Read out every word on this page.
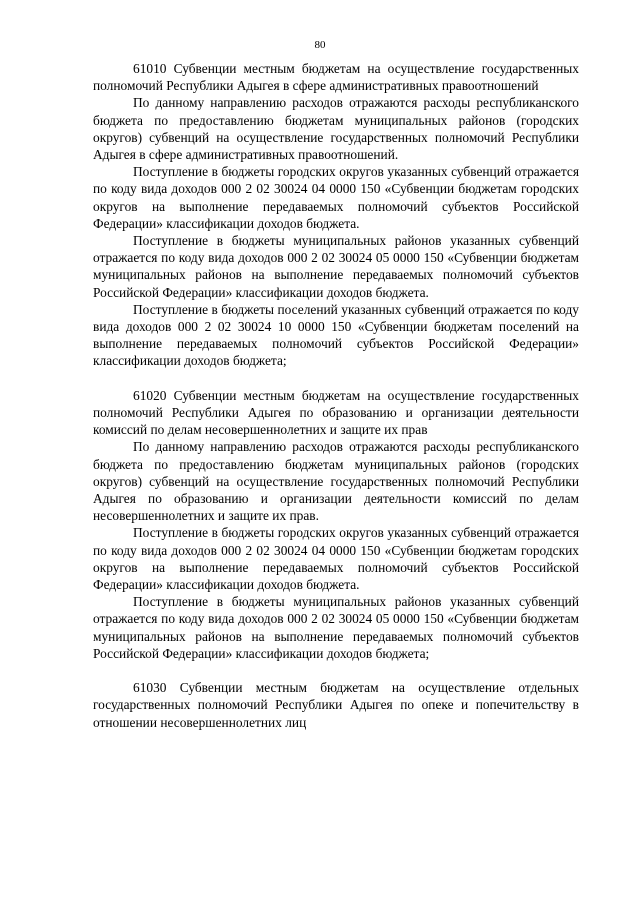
80

61010 Субвенции местным бюджетам на осуществление государственных полномочий Республики Адыгея в сфере административных правоотношений

По данному направлению расходов отражаются расходы республиканского бюджета по предоставлению бюджетам муниципальных районов (городских округов) субвенций на осуществление государственных полномочий Республики Адыгея в сфере административных правоотношений.

Поступление в бюджеты городских округов указанных субвенций отражается по коду вида доходов 000 2 02 30024 04 0000 150 «Субвенции бюджетам городских округов на выполнение передаваемых полномочий субъектов Российской Федерации» классификации доходов бюджета.

Поступление в бюджеты муниципальных районов указанных субвенций отражается по коду вида доходов 000 2 02 30024 05 0000 150 «Субвенции бюджетам муниципальных районов на выполнение передаваемых полномочий субъектов Российской Федерации» классификации доходов бюджета.

Поступление в бюджеты поселений указанных субвенций отражается по коду вида доходов 000 2 02 30024 10 0000 150 «Субвенции бюджетам поселений на выполнение передаваемых полномочий субъектов Российской Федерации» классификации доходов бюджета;

61020 Субвенции местным бюджетам на осуществление государственных полномочий Республики Адыгея по образованию и организации деятельности комиссий по делам несовершеннолетних и защите их прав

По данному направлению расходов отражаются расходы республиканского бюджета по предоставлению бюджетам муниципальных районов (городских округов) субвенций на осуществление государственных полномочий Республики Адыгея по образованию и организации деятельности комиссий по делам несовершеннолетних и защите их прав.

Поступление в бюджеты городских округов указанных субвенций отражается по коду вида доходов 000 2 02 30024 04 0000 150 «Субвенции бюджетам городских округов на выполнение передаваемых полномочий субъектов Российской Федерации» классификации доходов бюджета.

Поступление в бюджеты муниципальных районов указанных субвенций отражается по коду вида доходов 000 2 02 30024 05 0000 150 «Субвенции бюджетам муниципальных районов на выполнение передаваемых полномочий субъектов Российской Федерации» классификации доходов бюджета;

61030 Субвенции местным бюджетам на осуществление отдельных государственных полномочий Республики Адыгея по опеке и попечительству в отношении несовершеннолетних лиц
